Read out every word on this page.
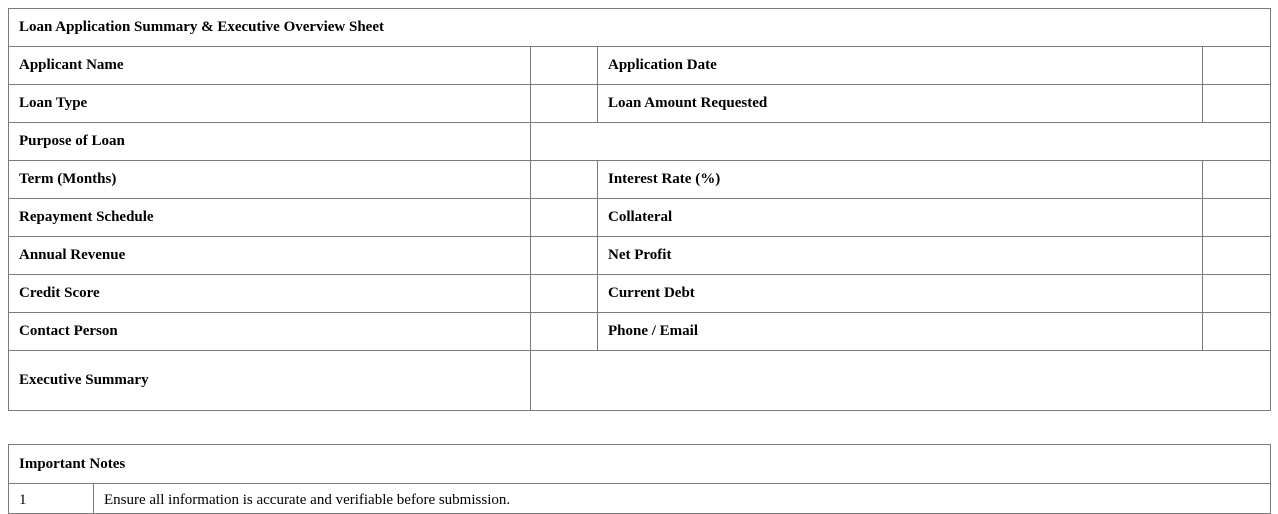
Loan Application Summary & Executive Overview Sheet			
Applicant Name		Application Date	
Loan Type		Loan Amount Requested	
Purpose of Loan			
Term (Months)		Interest Rate (%)	
Repayment Schedule		Collateral	
Annual Revenue		Net Profit	
Credit Score		Current Debt	
Contact Person		Phone / Email	
Executive Summary			
Important Notes
1	Ensure all information is accurate and verifiable before submission.
